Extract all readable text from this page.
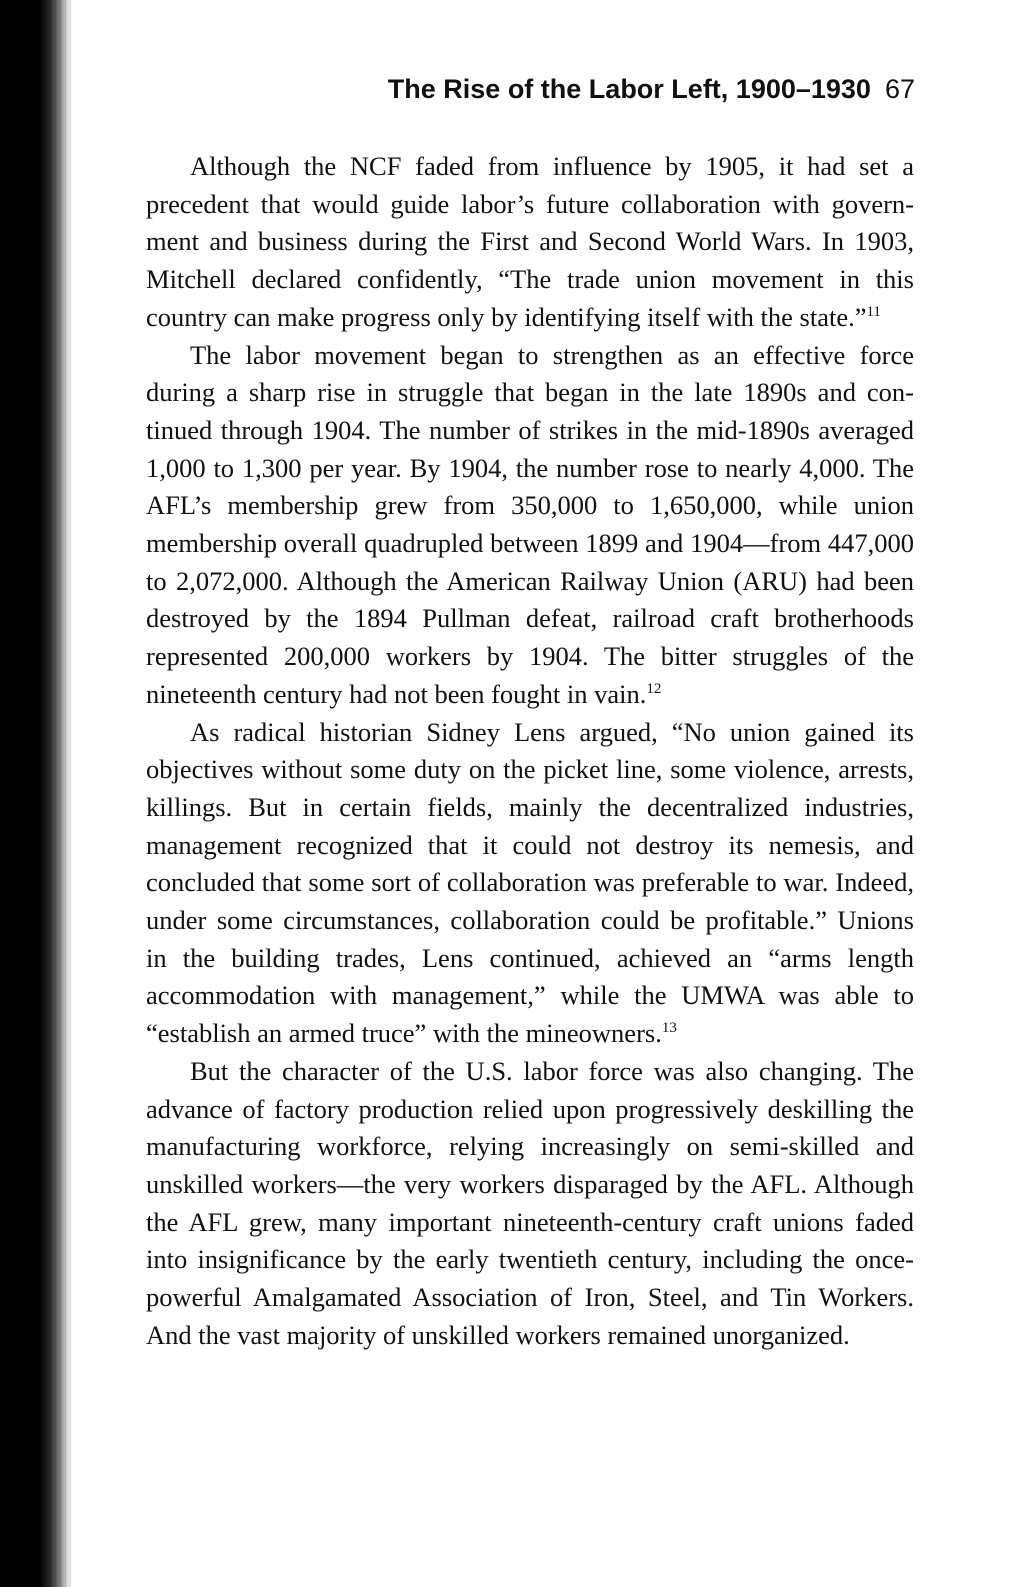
The Rise of the Labor Left, 1900–1930 67

Although the NCF faded from influence by 1905, it had set a precedent that would guide labor’s future collaboration with government and business during the First and Second World Wars. In 1903, Mitchell declared confidently, “The trade union movement in this country can make progress only by identifying itself with the state.”$^{11}$

The labor movement began to strengthen as an effective force during a sharp rise in struggle that began in the late 1890s and continued through 1904. The number of strikes in the mid-1890s averaged 1,000 to 1,300 per year. By 1904, the number rose to nearly 4,000. The AFL’s membership grew from 350,000 to 1,650,000, while union membership overall quadrupled between 1899 and 1904—from 447,000 to 2,072,000. Although the American Railway Union (ARU) had been destroyed by the 1894 Pullman defeat, railroad craft brotherhoods represented 200,000 workers by 1904. The bitter struggles of the nineteenth century had not been fought in vain.$^{12}$

As radical historian Sidney Lens argued, “No union gained its objectives without some duty on the picket line, some violence, arrests, killings. But in certain fields, mainly the decentralized industries, management recognized that it could not destroy its nemesis, and concluded that some sort of collaboration was preferable to war. Indeed, under some circumstances, collaboration could be profitable.” Unions in the building trades, Lens continued, achieved an “arms length accommodation with management,” while the UMWA was able to “establish an armed truce” with the mineowners.$^{13}$

But the character of the U.S. labor force was also changing. The advance of factory production relied upon progressively deskilling the manufacturing workforce, relying increasingly on semi-skilled and unskilled workers—the very workers disparaged by the AFL. Although the AFL grew, many important nineteenth-century craft unions faded into insignificance by the early twentieth century, including the once-powerful Amalgamated Association of Iron, Steel, and Tin Workers. And the vast majority of unskilled workers remained unorganized.
